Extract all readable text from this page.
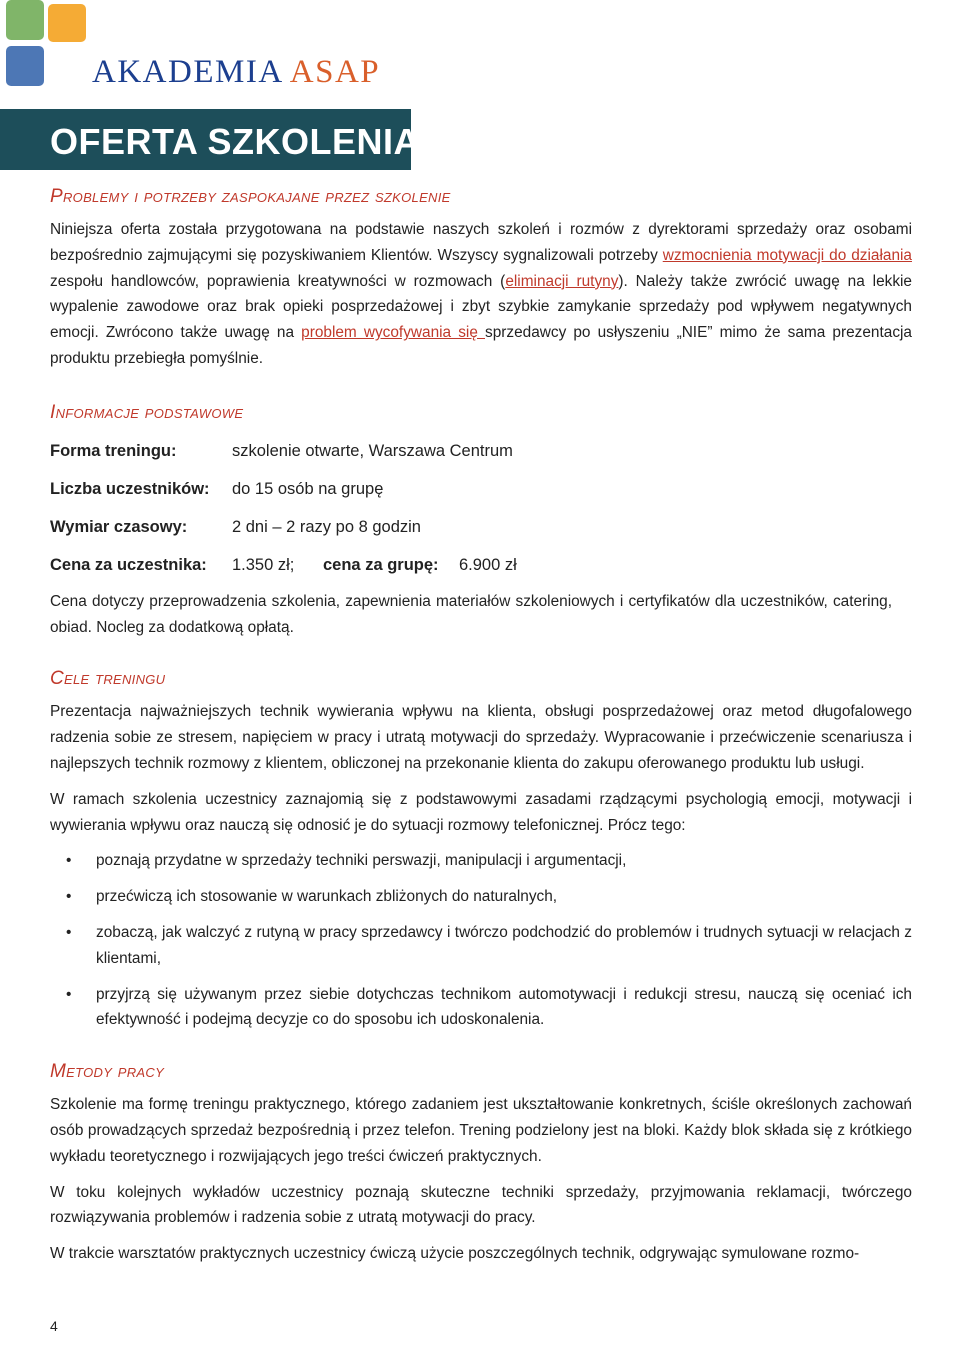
AKADEMIA ASAP
OFERTA SZKOLENIA
Problemy i potrzeby zaspokajane przez szkolenie

Niniejsza oferta została przygotowana na podstawie naszych szkoleń i rozmów z dyrektorami sprzedaży oraz osobami bezpośrednio zajmującymi się pozyskiwaniem Klientów. Wszyscy sygnalizowali potrzeby wzmocnienia motywacji do działania zespołu handlowców, poprawienia kreatywności w rozmowach (eliminacji rutyny). Należy także zwrócić uwagę na lekkie wypalenie zawodowe oraz brak opieki posprzedażowej i zbyt szybkie zamykanie sprzedaży pod wpływem negatywnych emocji. Zwrócono także uwagę na problem wycofywania się sprzedawcy po usłyszeniu „NIE” mimo że sama prezentacja produktu przebiegła pomyślnie.

Informacje podstawowe
Forma treningu:	szkolenie otwarte, Warszawa Centrum
Liczba uczestników:	do 15 osób na grupę
Wymiar czasowy:	2 dni – 2 razy po 8 godzin
Cena za uczestnika:	1.350 zł;	cena za grupę:	6.900 zł

Cena dotyczy przeprowadzenia szkolenia, zapewnienia materiałów szkoleniowych i certyfikatów dla uczestników, catering, obiad. Nocleg za dodatkową opłatą.

Cele treningu

Prezentacja najważniejszych technik wywierania wpływu na klienta, obsługi posprzedażowej oraz metod długofalowego radzenia sobie ze stresem, napięciem w pracy i utratą motywacji do sprzedaży. Wypracowanie i przećwiczenie scenariusza i najlepszych technik rozmowy z klientem, obliczonej na przekonanie klienta do zakupu oferowanego produktu lub usługi.

W ramach szkolenia uczestnicy zaznajomią się z podstawowymi zasadami rządzącymi psychologią emocji, motywacji i wywierania wpływu oraz nauczą się odnosić je do sytuacji rozmowy telefonicznej. Prócz tego:

• poznają przydatne w sprzedaży techniki perswazji, manipulacji i argumentacji,
• przećwiczą ich stosowanie w warunkach zbliżonych do naturalnych,
• zobaczą, jak walczyć z rutyną w pracy sprzedawcy i twórczo podchodzić do problemów i trudnych sytuacji w relacjach z klientami,
• przyjrzą się używanym przez siebie dotychczas technikom automotywacji i redukcji stresu, nauczą się oceniać ich efektywność i podejmą decyzje co do sposobu ich udoskonalenia.
Metody pracy

Szkolenie ma formę treningu praktycznego, którego zadaniem jest ukształtowanie konkretnych, ściśle określonych zachowań osób prowadzących sprzedaż bezpośrednią i przez telefon. Trening podzielony jest na bloki. Każdy blok składa się z krótkiego wykładu teoretycznego i rozwijających jego treści ćwiczeń praktycznych.

W toku kolejnych wykładów uczestnicy poznają skuteczne techniki sprzedaży, przyjmowania reklamacji, twórczego rozwiązywania problemów i radzenia sobie z utratą motywacji do pracy.

W trakcie warsztatów praktycznych uczestnicy ćwiczą użycie poszczególnych technik, odgrywając symulowane rozmo-

4
